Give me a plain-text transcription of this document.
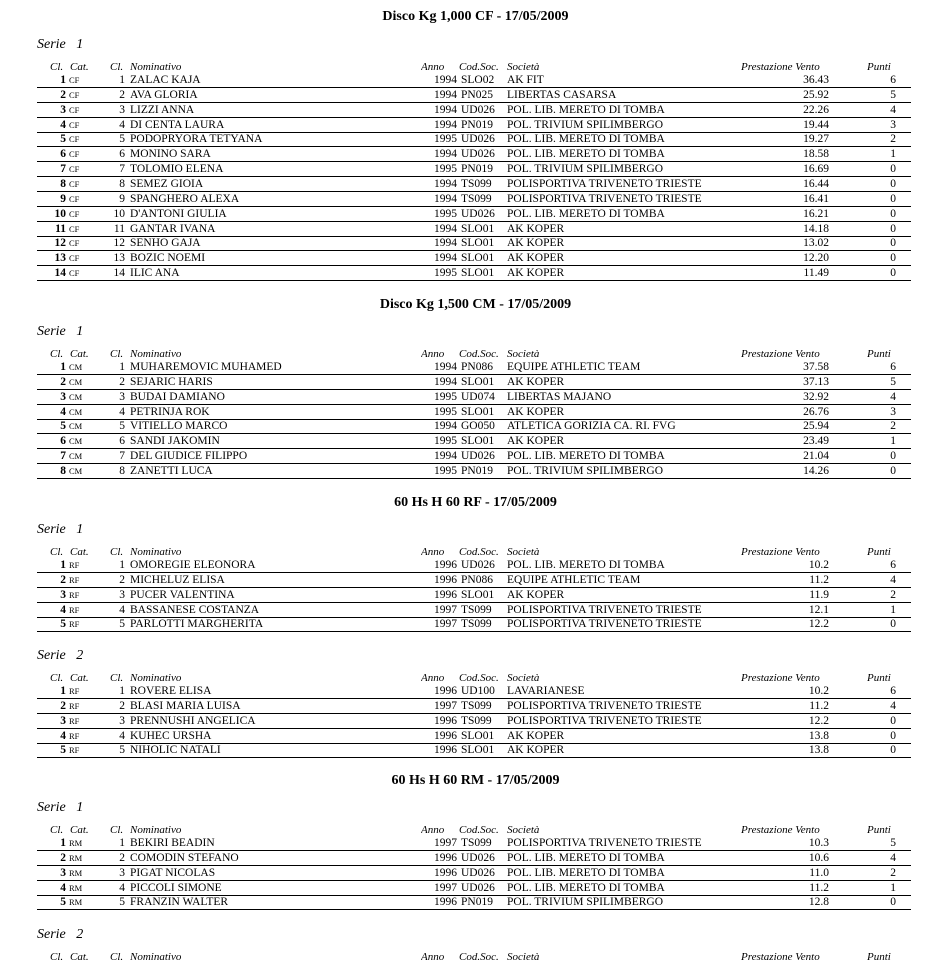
Disco Kg 1,000 CF - 17/05/2009
Serie   1
Cl. Cat. Cl. Nominativo	Anno Cod.Soc. Società	Prestazione Vento	Punti
1 CF	1 ZALAC KAJA	1994 SLO02	AK FIT	36.43	6
2 CF	2 AVA GLORIA	1994 PN025	LIBERTAS CASARSA	25.92	5
3 CF	3 LIZZI ANNA	1994 UD026	POL. LIB. MERETO DI TOMBA	22.26	4
4 CF	4 DI CENTA LAURA	1994 PN019	POL. TRIVIUM SPILIMBERGO	19.44	3
5 CF	5 PODOPRYORA TETYANA	1995 UD026	POL. LIB. MERETO DI TOMBA	19.27	2
6 CF	6 MONINO SARA	1994 UD026	POL. LIB. MERETO DI TOMBA	18.58	1
7 CF	7 TOLOMIO ELENA	1995 PN019	POL. TRIVIUM SPILIMBERGO	16.69	0
8 CF	8 SEMEZ GIOIA	1994 TS099	POLISPORTIVA TRIVENETO TRIESTE	16.44	0
9 CF	9 SPANGHERO ALEXA	1994 TS099	POLISPORTIVA TRIVENETO TRIESTE	16.41	0
10 CF	10 D'ANTONI GIULIA	1995 UD026	POL. LIB. MERETO DI TOMBA	16.21	0
11 CF	11 GANTAR IVANA	1994 SLO01	AK KOPER	14.18	0
12 CF	12 SENHO GAJA	1994 SLO01	AK KOPER	13.02	0
13 CF	13 BOZIC NOEMI	1994 SLO01	AK KOPER	12.20	0
14 CF	14 ILIC ANA	1995 SLO01	AK KOPER	11.49	0
Disco Kg 1,500 CM - 17/05/2009
Serie   1
Cl. Cat. Cl. Nominativo	Anno Cod.Soc. Società	Prestazione Vento	Punti
1 CM	1 MUHAREMOVIC MUHAMED	1994 PN086	EQUIPE ATHLETIC TEAM	37.58	6
2 CM	2 SEJARIC HARIS	1994 SLO01	AK KOPER	37.13	5
3 CM	3 BUDAI DAMIANO	1995 UD074	LIBERTAS MAJANO	32.92	4
4 CM	4 PETRINJA ROK	1995 SLO01	AK KOPER	26.76	3
5 CM	5 VITIELLO MARCO	1994 GO050	ATLETICA GORIZIA CA. RI. FVG	25.94	2
6 CM	6 SANDI JAKOMIN	1995 SLO01	AK KOPER	23.49	1
7 CM	7 DEL GIUDICE FILIPPO	1994 UD026	POL. LIB. MERETO DI TOMBA	21.04	0
8 CM	8 ZANETTI LUCA	1995 PN019	POL. TRIVIUM SPILIMBERGO	14.26	0
60 Hs H 60 RF - 17/05/2009
Serie   1
Cl. Cat. Cl. Nominativo	Anno Cod.Soc. Società	Prestazione Vento	Punti
1 RF	1 OMOREGIE ELEONORA	1996 UD026	POL. LIB. MERETO DI TOMBA	10.2	6
2 RF	2 MICHELUZ ELISA	1996 PN086	EQUIPE ATHLETIC TEAM	11.2	4
3 RF	3 PUCER VALENTINA	1996 SLO01	AK KOPER	11.9	2
4 RF	4 BASSANESE COSTANZA	1997 TS099	POLISPORTIVA TRIVENETO TRIESTE	12.1	1
5 RF	5 PARLOTTI MARGHERITA	1997 TS099	POLISPORTIVA TRIVENETO TRIESTE	12.2	0
Serie   2
Cl. Cat. Cl. Nominativo	Anno Cod.Soc. Società	Prestazione Vento	Punti
1 RF	1 ROVERE ELISA	1996 UD100	LAVARIANESE	10.2	6
2 RF	2 BLASI MARIA LUISA	1997 TS099	POLISPORTIVA TRIVENETO TRIESTE	11.2	4
3 RF	3 PRENNUSHI ANGELICA	1996 TS099	POLISPORTIVA TRIVENETO TRIESTE	12.2	0
4 RF	4 KUHEC URSHA	1996 SLO01	AK KOPER	13.8	0
5 RF	5 NIHOLIC NATALI	1996 SLO01	AK KOPER	13.8	0
60 Hs H 60 RM - 17/05/2009
Serie   1
Cl. Cat. Cl. Nominativo	Anno Cod.Soc. Società	Prestazione Vento	Punti
1 RM	1 BEKIRI BEADIN	1997 TS099	POLISPORTIVA TRIVENETO TRIESTE	10.3	5
2 RM	2 COMODIN STEFANO	1996 UD026	POL. LIB. MERETO DI TOMBA	10.6	4
3 RM	3 PIGAT NICOLAS	1996 UD026	POL. LIB. MERETO DI TOMBA	11.0	2
4 RM	4 PICCOLI SIMONE	1997 UD026	POL. LIB. MERETO DI TOMBA	11.2	1
5 RM	5 FRANZIN WALTER	1996 PN019	POL. TRIVIUM SPILIMBERGO	12.8	0
Serie   2
Cl. Cat. Cl. Nominativo	Anno Cod.Soc. Società	Prestazione Vento	Punti
